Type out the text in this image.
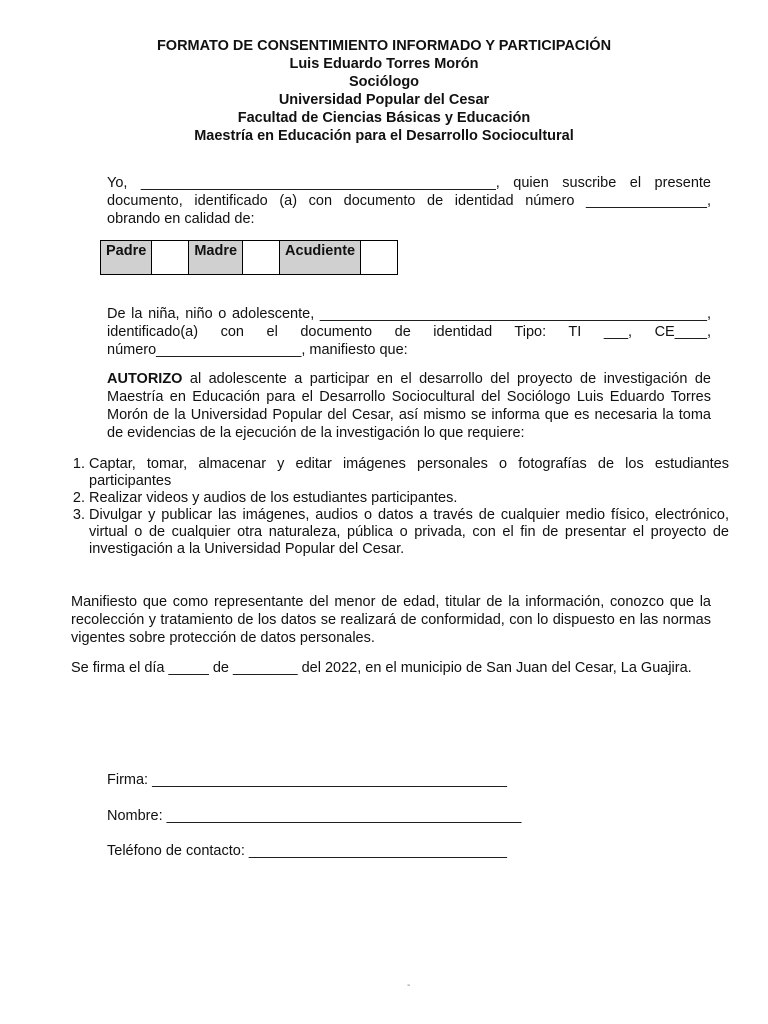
FORMATO DE CONSENTIMIENTO INFORMADO Y PARTICIPACIÓN
Luis Eduardo Torres Morón
Sociólogo
Universidad Popular del Cesar
Facultad de Ciencias Básicas y Educación
Maestría en Educación para el Desarrollo Sociocultural

Yo, ____________________________________________, quien suscribe el presente

documento, identificado (a) con documento de identidad número _______________,

obrando en calidad de:

Padre		Madre		Acudiente	

De la niña, niño o adolescente, ________________________________________________,

identificado(a) con el documento de identidad Tipo: TI ___, CE____,

número__________________, manifiesto que:

AUTORIZO al adolescente a participar en el desarrollo del proyecto de investigación de Maestría en Educación para el Desarrollo Sociocultural del Sociólogo Luis Eduardo Torres Morón de la Universidad Popular del Cesar, así mismo se informa que es necesaria la toma de evidencias de la ejecución de la investigación lo que requiere:

1. Captar, tomar, almacenar y editar imágenes personales o fotografías de los estudiantes participantes
2. Realizar videos y audios de los estudiantes participantes.
3. Divulgar y publicar las imágenes, audios o datos a través de cualquier medio físico, electrónico, virtual o de cualquier otra naturaleza, pública o privada, con el fin de presentar el proyecto de investigación a la Universidad Popular del Cesar.
Manifiesto que como representante del menor de edad, titular de la información, conozco que la recolección y tratamiento de los datos se realizará de conformidad, con lo dispuesto en las normas vigentes sobre protección de datos personales.
Se firma el día _____ de ________ del 2022, en el municipio de San Juan del Cesar, La Guajira.
Firma: ____________________________________________
Nombre: ____________________________________________
Teléfono de contacto: ________________________________
-
